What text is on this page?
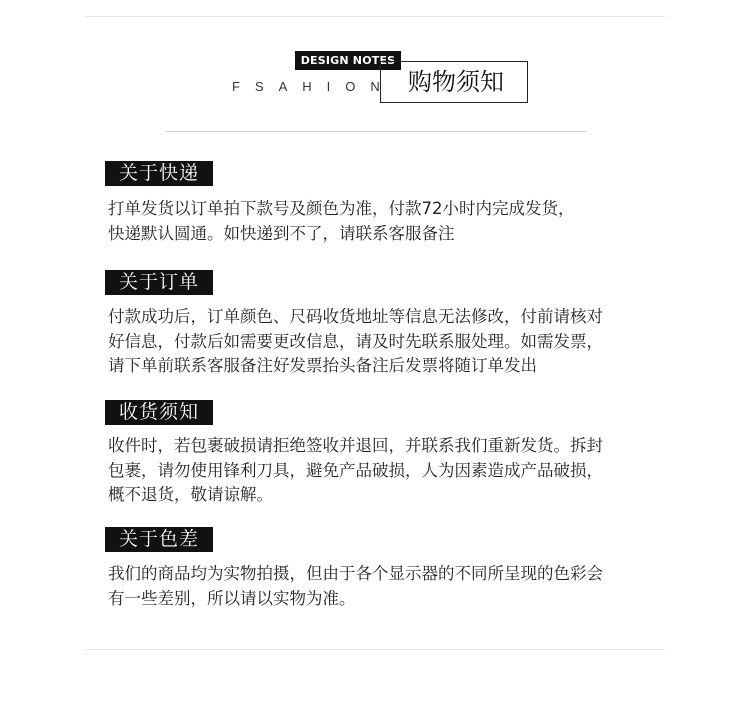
DESIGN NOTES
FSAHION 购物须知
关于快递

打单发货以订单拍下款号及颜色为准，付款72小时内完成发货，

快递默认圆通。如快递到不了，请联系客服备注

关于订单

付款成功后，订单颜色、尺码收货地址等信息无法修改，付前请核对

好信息，付款后如需要更改信息，请及时先联系服处理。如需发票，

请下单前联系客服备注好发票抬头备注后发票将随订单发出

收货须知

收件时，若包裹破损请拒绝签收并退回，并联系我们重新发货。拆封

包裹，请勿使用锋利刀具，避免产品破损，人为因素造成产品破损，

概不退货，敬请谅解。

关于色差

我们的商品均为实物拍摄，但由于各个显示器的不同所呈现的色彩会

有一些差别，所以请以实物为准。
